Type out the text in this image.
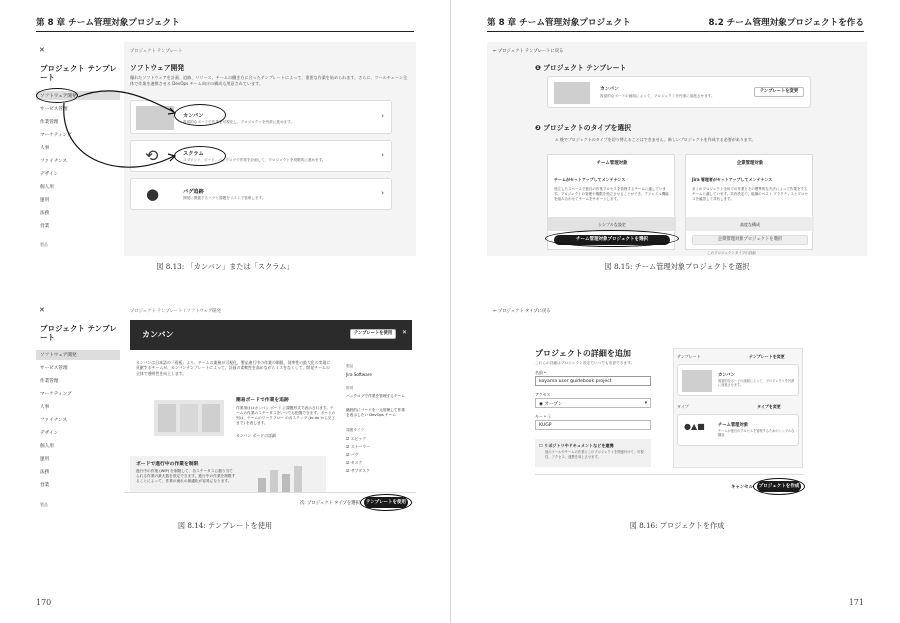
第 8 章 チーム管理対象プロジェクト
✕
プロジェクト テンプレート
ソフトウェア開発
サービス管理
作業管理
マーケティング
人事
ファイナンス
デザイン
個人用
運用
法務
営業
製品
プロジェクト テンプレート
ソフトウェア開発
優れたソフトウェアを計画、追跡、リリース。チームの働き方に合ったテンプレートによって、重要な作業を始められます。さらに、ツールチェーン全体で作業を連携させる DevOps チーム向けの構成も用意されています。
カンバン
視覚的なボードで作業を可視化し、プロジェクトを円滑に進めます。
›
⟲	スクラム
スプリント、ボード、バックログで作業を計画して、プロジェクトを段階的に進めます。
›
●	バグ追跡
開発に関連するバグと課題をリストで管理します。
›
図 8.13: 「カンバン」または「スクラム」
✕
プロジェクト テンプレート
ソフトウェア開発
サービス管理
作業管理
マーケティング
人事
ファイナンス
デザイン
個人用
運用
法務
営業
製品
プロジェクト テンプレート / ソフトウェア開発
カンバン	テンプレートを使用	✕
カンバンは日本語の「看板」より。チームの業務が可視化、製品進行中の作業の制限、効率性の最大化の実現に貢献するチームが、カンバンテンプレートによって、計画の柔軟性を高めながらミスをなくして、開発チームの全体で透明性を向上します。
簡易ボードで作業を追跡
作業項目はカンバン ボード に課題形式で表示されます。チームの作業のステータスをいつでも把握できます。ボードの列は、チームのワークフロー の各ステップ (to do から完了まで) を表します。
カンバン ボードの詳細
ボードで進行中の作業を制限
進行中の作業 (WIP) を制限して、各ステータスに割り当てられる作業の最大数を設定できます。進行中の作業を制限することによって、作業の流れの最適化が容易になります。
製品
Jira Software
推奨
バックログで作業を管理するチーム
継続的にコードを一元管理して作業を表示したい DevOps チーム
課題タイプ
☑ エピック
☑ ストーリー
☑ バグ
☑ タスク
☑ サブタスク
次: プロジェクト タイプを選択	テンプレートを使用
図 8.14: テンプレートを使用
170
第 8 章 チーム管理対象プロジェクト	8.2 チーム管理対象プロジェクトを作る
← プロジェクト テンプレートに戻る
❶ プロジェクト テンプレート
カンバン
視覚的なボードの画面によって、プロジェクトを円滑に前進させます。
テンプレートを変更
❷ プロジェクトのタイプを選択
⚠ 後でプロジェクトのタイプを切り替えることはできません。新しいプロジェクトを作成する必要があります。
チーム管理対象
チームがセットアップしてメンテナンス
独立したスペースで独自の作業プロセスを管理するチームに適しています。プロジェクトの管理や権限を独立させることができ、アジャイル機能を組み合わせてチームをサポートします。
シンプルな設定
チーム管理対象プロジェクトを選択
企業管理対象
Jira 管理者がセットアップしてメンテナンス
多くのプロジェクト全体での作業とその標準的な方法によって作業をするチームに適しています。共有設定で、組織のベスト プラクティスとプロセスを確認して共有します。
高度な構成
企業管理対象プロジェクトを選択
このプロジェクトタイプの詳細
図 8.15: チーム管理対象プロジェクトを選択
← プロジェクト タイプに戻る
プロジェクトの詳細を追加
これらの詳細はプロジェクト設定でいつでも変更できます。
名前 *
koyama user guidebook project
アクセス
◉ オープン	▾
キー * ⓘ
KUGP
☐ リポジトリやドキュメントなどを連携
他のツールやチームの作業とこのプロジェクトを関連付けて、可視性、アクセス、連携を向上させます。
テンプレート	テンプレートを変更
カンバン
視覚的なボードの画面によって、プロジェクトを円滑に前進させます。
タイプ	タイプを変更
●▲■	チーム管理対象
チームが独自のプロセスを管理するためのシンプルな構成
キャンセル	プロジェクトを作成
図 8.16: プロジェクトを作成
171
